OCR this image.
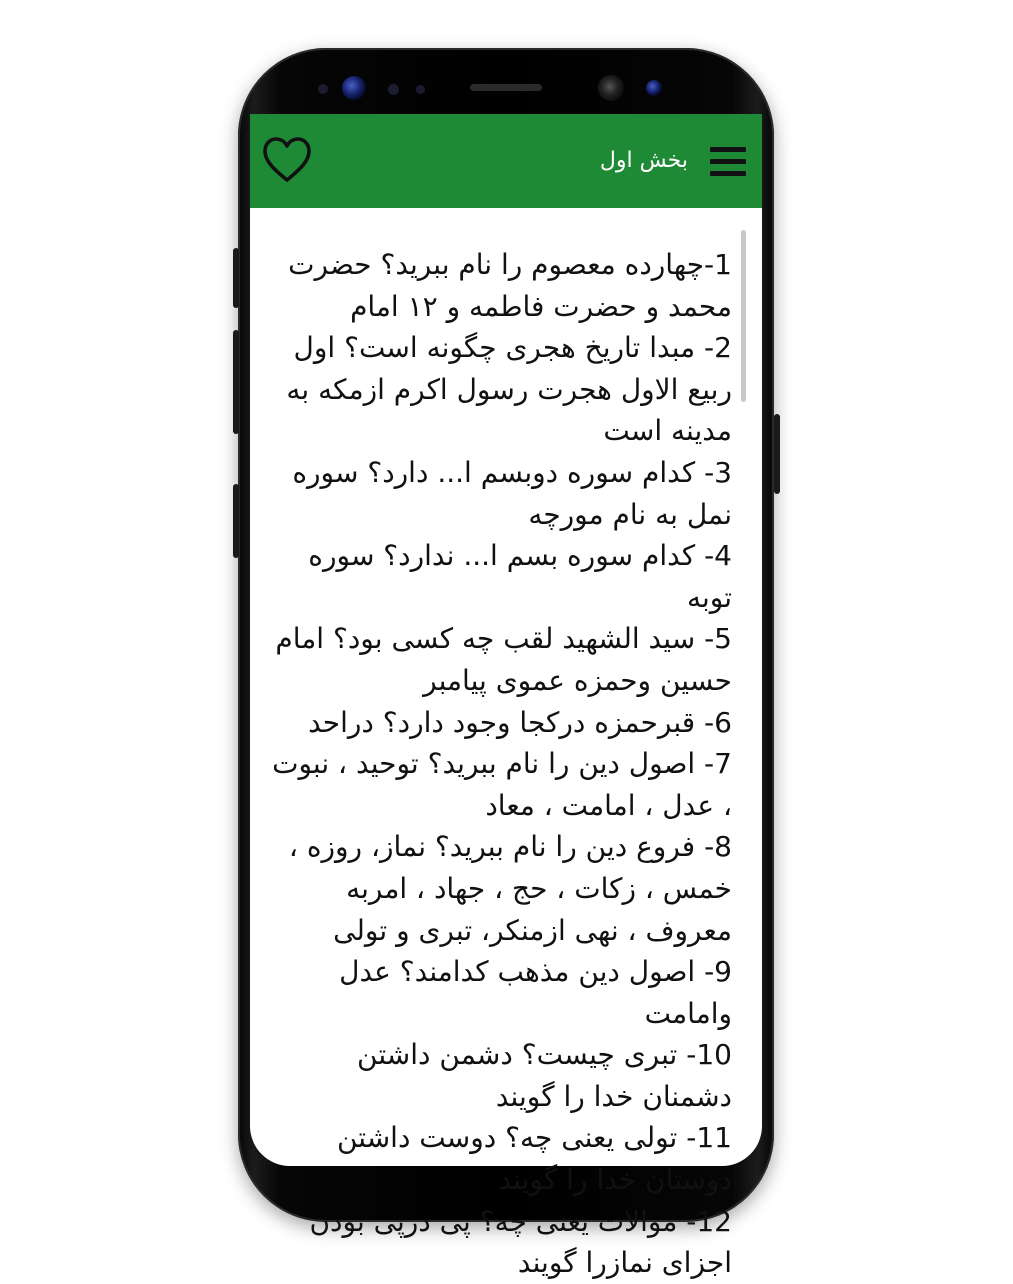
بخش اول

1-چهارده معصوم را نام ببرید؟ حضرت محمد و حضرت فاطمه و ۱۲ امام

2- مبدا تاریخ هجری چگونه است؟ اول ربیع الاول هجرت رسول اکرم ازمکه به مدینه است

3- کدام سوره دوبسم ا... دارد؟ سوره نمل به نام مورچه

4- کدام سوره بسم ا... ندارد؟ سوره توبه

5- سید الشهید لقب چه کسی بود؟ امام حسین وحمزه عموی پیامبر

6- قبرحمزه درکجا وجود دارد؟ دراحد

7- اصول دین را نام ببرید؟ توحید ، نبوت ، عدل ، امامت ، معاد

8- فروع دین را نام ببرید؟ نماز، روزه ، خمس ، زکات ، حج ، جهاد ، امربه معروف ، نهی ازمنکر، تبری و تولی

9- اصول دین مذهب کدامند؟ عدل وامامت

10- تبری چیست؟ دشمن داشتن دشمنان خدا را گویند

11- تولی یعنی چه؟ دوست داشتن دوستان خدا را گویند

12- موالات یعنی چه؟ پی درپی بودن اجزای نمازرا گویند
